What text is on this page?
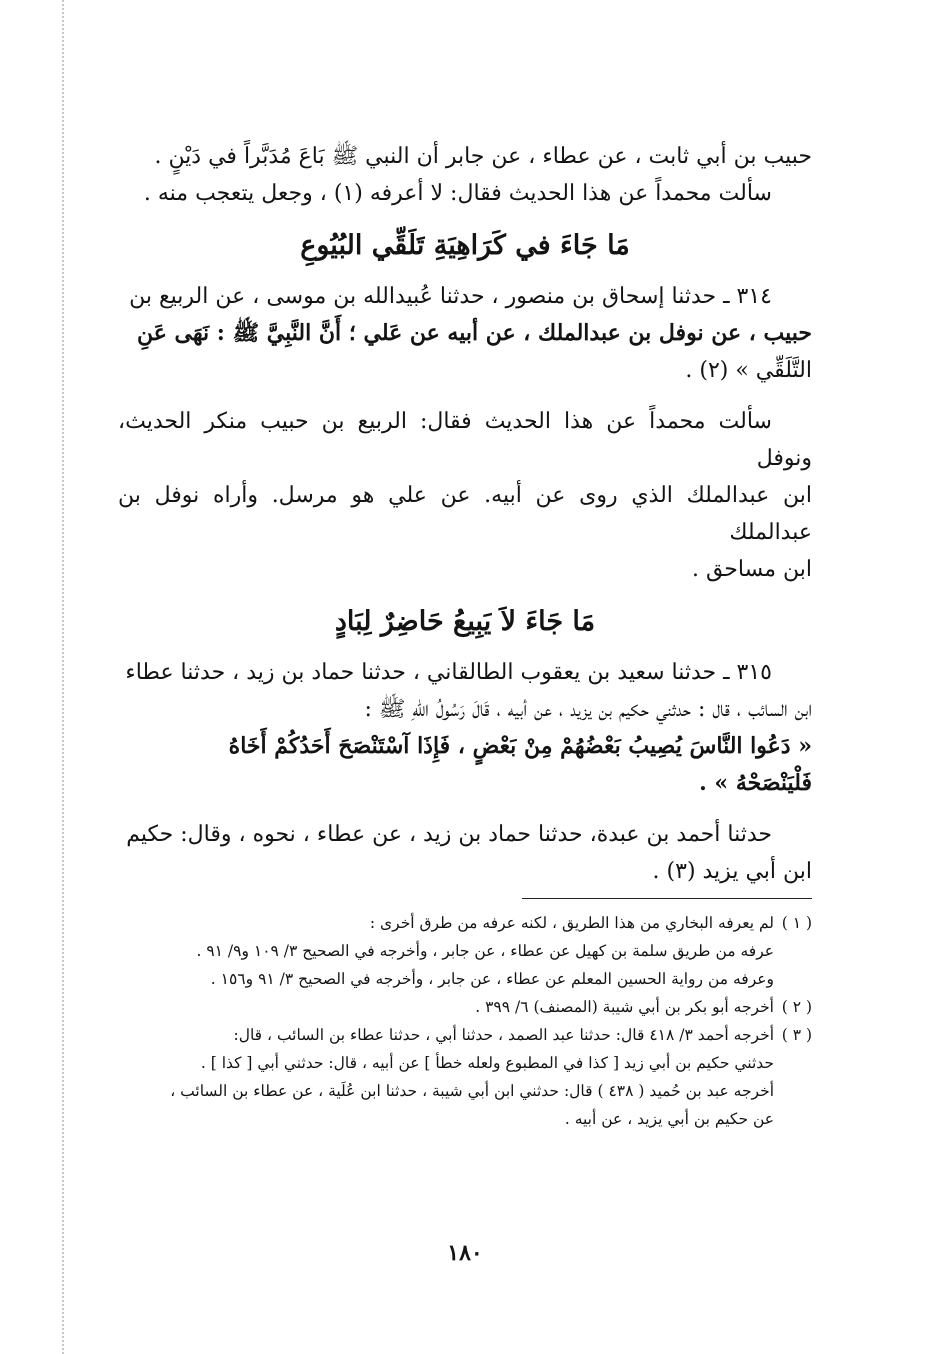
حبيب بن أبي ثابت ، عن عطاء ، عن جابر أن النبي ﷺ بَاعَ مُدَبَّراً في دَيْنٍ .
سألت محمداً عن هذا الحديث فقال: لا أعرفه (١) ، وجعل يتعجب منه .
مَا جَاءَ في كَرَاهِيَةِ تَلَقِّي البُيُوعِ
٣١٤ ـ حدثنا إسحاق بن منصور ، حدثنا عُبيدالله بن موسى ، عن الربيع بن
حبيب ، عن نوفل بن عبدالملك ، عن أبيه عن عَلي ؛ أَنَّ النَّبِيَّ ﷺ : نَهَى عَنِ
التَّلَقِّي » (٢) .
سألت محمداً عن هذا الحديث فقال: الربيع بن حبيب منكر الحديث، ونوفل
ابن عبدالملك الذي روى عن أبيه. عن علي هو مرسل. وأراه نوفل بن عبدالملك
ابن مساحق .
مَا جَاءَ لاَ يَبِيعُ حَاضِرٌ لِبَادٍ
٣١٥ ـ حدثنا سعيد بن يعقوب الطالقاني ، حدثنا حماد بن زيد ، حدثنا عطاء
ابن السائب ، قال : حدثني حكيم بن يزيد ، عن أبيه ، قَالَ رَسُولُ اللهِ ﷺ :
« دَعُوا النَّاسَ يُصِيبُ بَعْضُهُمْ مِنْ بَعْضٍ ، فَإِذَا آسْتَنْصَحَ أَحَدُكُمْ أَخَاهُ
فَلْيَنْصَحْهُ » .
حدثنا أحمد بن عبدة، حدثنا حماد بن زيد ، عن عطاء ، نحوه ، وقال: حكيم
ابن أبي يزيد (٣) .
( ١ )
لم يعرفه البخاري من هذا الطريق ، لكنه عرفه من طرق أخرى :
عرفه من طريق سلمة بن كهيل عن عطاء ، عن جابر ، وأخرجه في الصحيح ٣/ ١٠٩ و٩/ ٩١ .
وعرفه من رواية الحسين المعلم عن عطاء ، عن جابر ، وأخرجه في الصحيح ٣/ ٩١ و١٥٦ .
( ٢ )
أخرجه أبو بكر بن أبي شيبة (المصنف) ٦/ ٣٩٩ .
( ٣ )
أخرجه أحمد ٣/ ٤١٨ قال: حدثنا عبد الصمد ، حدثنا أبي ، حدثنا عطاء بن السائب ، قال:
حدثني حكيم بن أبي زيد [ كذا في المطبوع ولعله خطأ ] عن أبيه ، قال: حدثني أبي [ كذا ] .
أخرجه عبد بن حُميد ( ٤٣٨ ) قال: حدثني ابن أبي شيبة ، حدثنا ابن عُلَية ، عن عطاء بن السائب ،
عن حكيم بن أبي يزيد ، عن أبيه .
١٨٠
